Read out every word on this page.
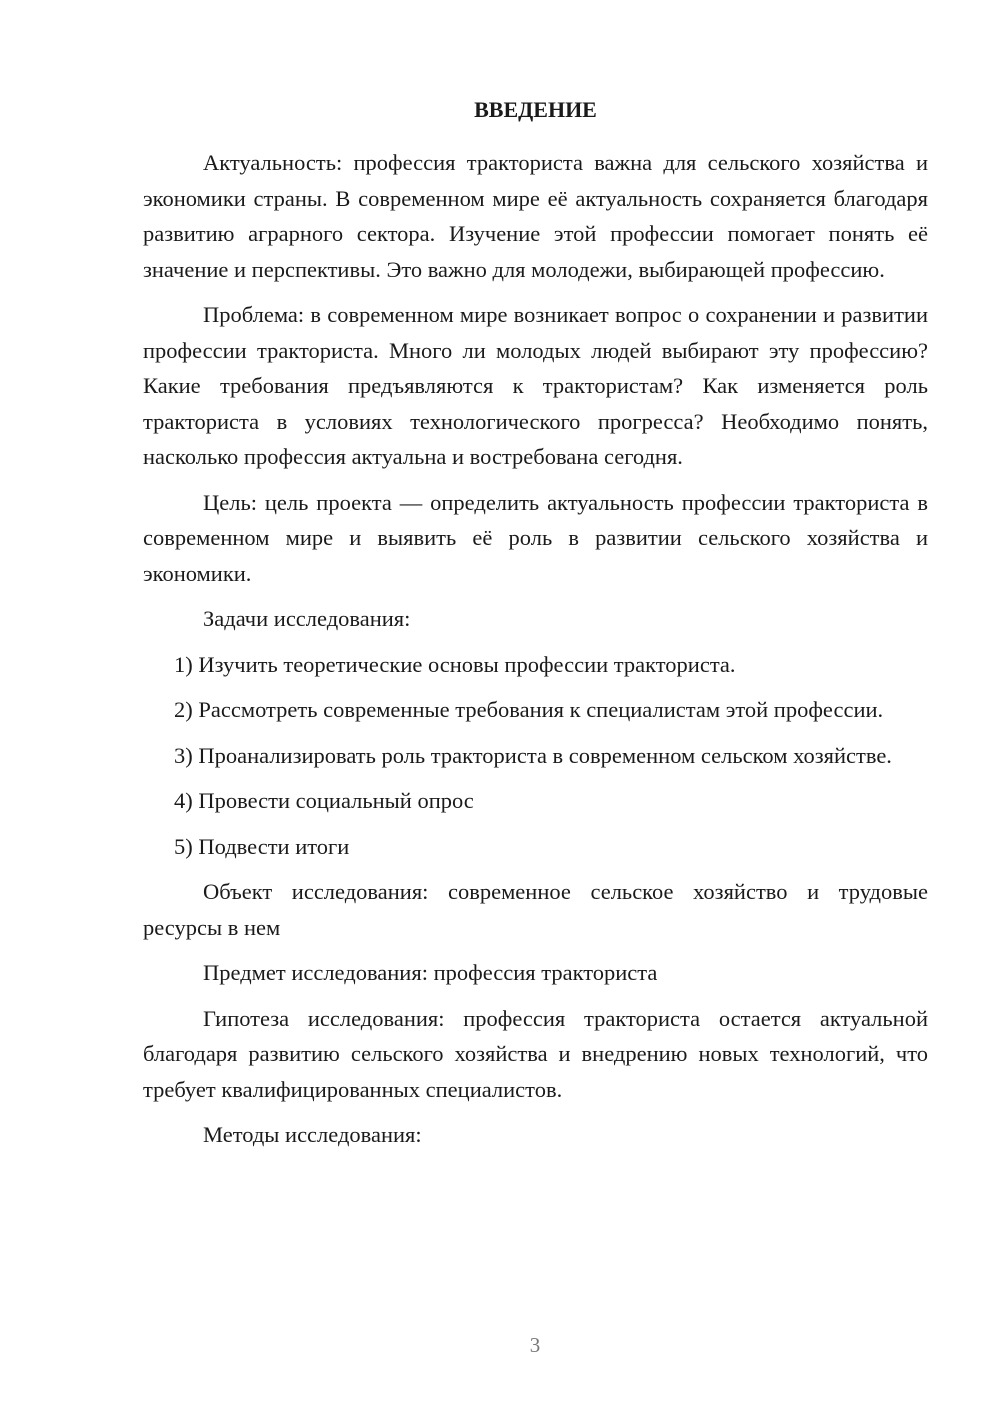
ВВЕДЕНИЕ

Актуальность: профессия тракториста важна для сельского хозяйства и экономики страны. В современном мире её актуальность сохраняется благодаря развитию аграрного сектора. Изучение этой профессии помогает понять её значение и перспективы. Это важно для молодежи, выбирающей профессию.

Проблема: в современном мире возникает вопрос о сохранении и развитии профессии тракториста. Много ли молодых людей выбирают эту профессию? Какие требования предъявляются к трактористам? Как изменяется роль тракториста в условиях технологического прогресса? Необходимо понять, насколько профессия актуальна и востребована сегодня.

Цель: цель проекта — определить актуальность профессии тракториста в современном мире и выявить её роль в развитии сельского хозяйства и экономики.

Задачи исследования:

1) Изучить теоретические основы профессии тракториста.

2) Рассмотреть современные требования к специалистам этой профессии.

3) Проанализировать роль тракториста в современном сельском хозяйстве.

4) Провести социальный опрос

5) Подвести итоги

Объект исследования: современное сельское хозяйство и трудовые ресурсы в нем

Предмет исследования: профессия тракториста

Гипотеза исследования: профессия тракториста остается актуальной благодаря развитию сельского хозяйства и внедрению новых технологий, что требует квалифицированных специалистов.

Методы исследования:

3
